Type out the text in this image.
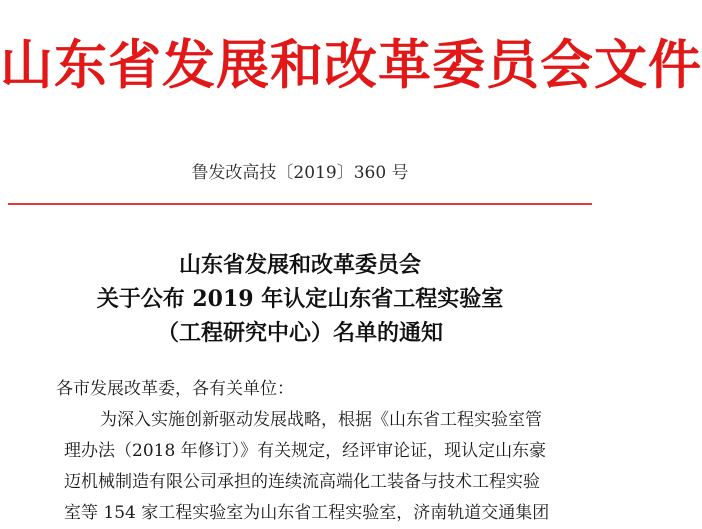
山东省发展和改革委员会文件
鲁发改高技〔2019〕360 号
山东省发展和改革委员会
关于公布 2019 年认定山东省工程实验室
（工程研究中心）名单的通知

各市发展改革委，各有关单位：

为深入实施创新驱动发展战略，根据《山东省工程实验室管

理办法（2018 年修订）》有关规定，经评审论证，现认定山东豪

迈机械制造有限公司承担的连续流高端化工装备与技术工程实验

室等 154 家工程实验室为山东省工程实验室，济南轨道交通集团
